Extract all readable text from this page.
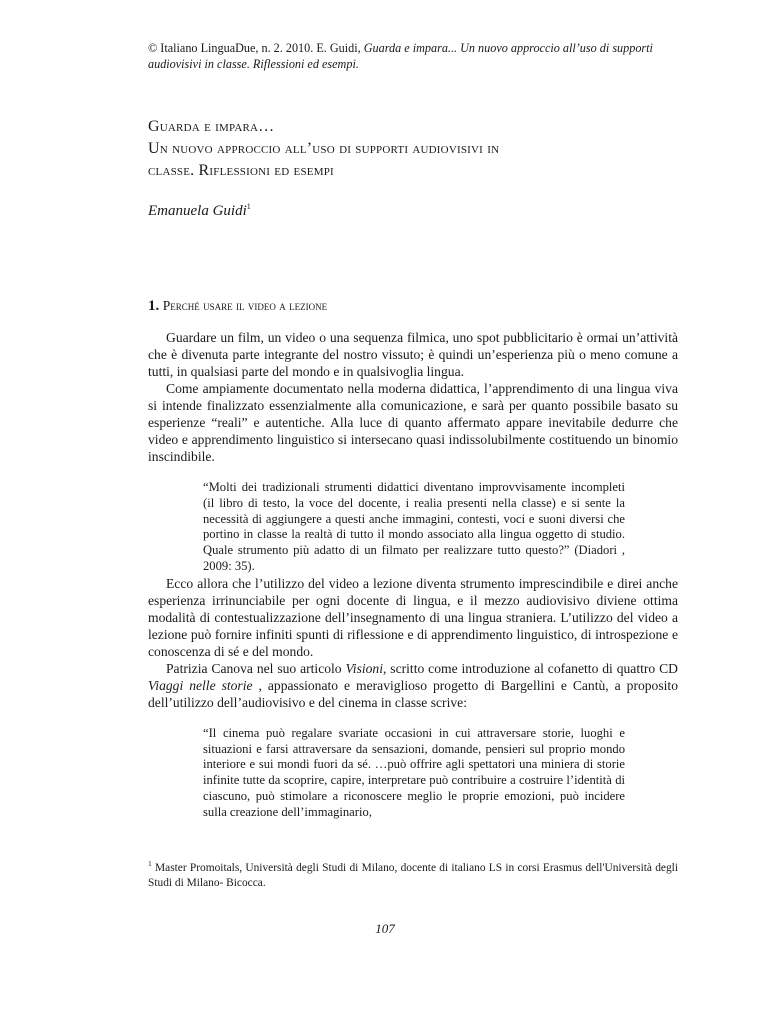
© Italiano LinguaDue, n. 2. 2010. E. Guidi, Guarda e impara... Un nuovo approccio all’uso di supporti audiovisivi in classe. Riflessioni ed esempi.
Guarda e impara…
Un nuovo approccio all’uso di supporti audiovisivi in
classe. Riflessioni ed esempi
Emanuela Guidi$^1$
1. Perché usare il video a lezione

Guardare un film, un video o una sequenza filmica, uno spot pubblicitario è ormai un’attività che è divenuta parte integrante del nostro vissuto; è quindi un’esperienza più o meno comune a tutti, in qualsiasi parte del mondo e in qualsivoglia lingua.

Come ampiamente documentato nella moderna didattica, l’apprendimento di una lingua viva si intende finalizzato essenzialmente alla comunicazione, e sarà per quanto possibile basato su esperienze “reali” e autentiche. Alla luce di quanto affermato appare inevitabile dedurre che video e apprendimento linguistico si intersecano quasi indissolubilmente costituendo un binomio inscindibile.

“Molti dei tradizionali strumenti didattici diventano improvvisamente incompleti (il libro di testo, la voce del docente, i realia presenti nella classe) e si sente la necessità di aggiungere a questi anche immagini, contesti, voci e suoni diversi che portino in classe la realtà di tutto il mondo associato alla lingua oggetto di studio. Quale strumento più adatto di un filmato per realizzare tutto questo?” (Diadori , 2009: 35).

Ecco allora che l’utilizzo del video a lezione diventa strumento imprescindibile e direi anche esperienza irrinunciabile per ogni docente di lingua, e il mezzo audiovisivo diviene ottima modalità di contestualizzazione dell’insegnamento di una lingua straniera. L’utilizzo del video a lezione può fornire infiniti spunti di riflessione e di apprendimento linguistico, di introspezione e conoscenza di sé e del mondo.

Patrizia Canova nel suo articolo Visioni, scritto come introduzione al cofanetto di quattro CD Viaggi nelle storie , appassionato e meraviglioso progetto di Bargellini e Cantù, a proposito dell’utilizzo dell’audiovisivo e del cinema in classe scrive:

“Il cinema può regalare svariate occasioni in cui attraversare storie, luoghi e situazioni e farsi attraversare da sensazioni, domande, pensieri sul proprio mondo interiore e sui mondi fuori da sé. …può offrire agli spettatori una miniera di storie infinite tutte da scoprire, capire, interpretare può contribuire a costruire l’identità di ciascuno, può stimolare a riconoscere meglio le proprie emozioni, può incidere sulla creazione dell’immaginario,
$^1$ Master Promoitals, Università degli Studi di Milano, docente di italiano LS in corsi Erasmus dell'Università degli Studi di Milano- Bicocca.
107
